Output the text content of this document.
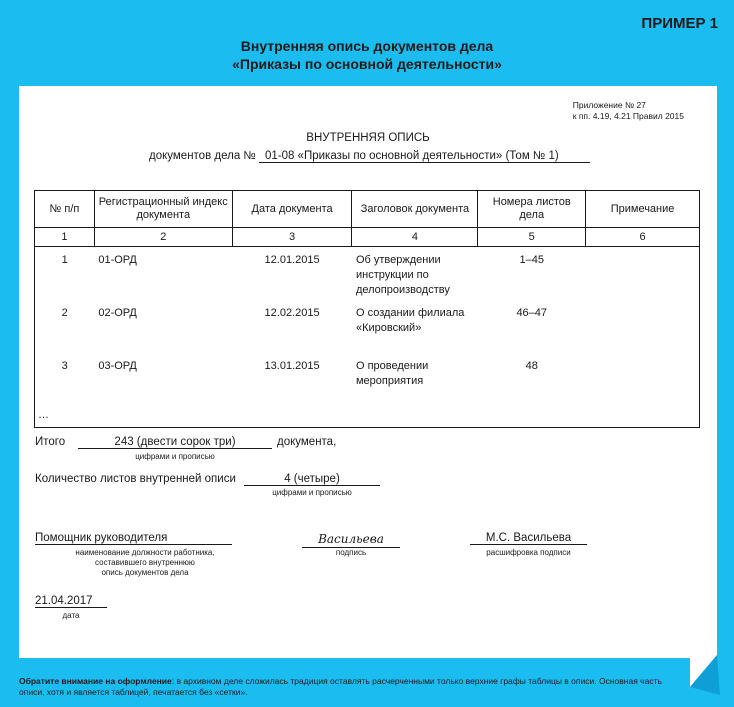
ПРИМЕР 1
Внутренняя опись документов дела
«Приказы по основной деятельности»
Приложение № 27
к пп. 4.19, 4.21 Правил 2015
ВНУТРЕННЯЯ ОПИСЬ
документов дела № 01-08 «Приказы по основной деятельности» (Том № 1)
№ п/п	Регистрационный индекс документа	Дата документа	Заголовок документа	Номера листов дела	Примечание
1	2	3	4	5	6
1	01-ОРД	12.01.2015	Об утверждении инструкции по делопроизводству	1–45	
2	02-ОРД	12.02.2015	О создании филиала «Кировский»	46–47	
3	03-ОРД	13.01.2015	О проведении мероприятия	48	
…					
Итого	243 (двести сорок три)
цифрами и прописью
документа,
Количество листов внутренней описи	4 (четыре)
цифрами и прописью
Помощник руководителя
наименование должности работника,
составившего внутреннюю
опись документов дела
Васильева
подпись
М.С. Васильева
расшифровка подписи
21.04.2017
дата
Обратите внимание на оформление: в архивном деле сложилась традиция оставлять расчерченными только верхние графы таблицы в описи. Основная часть описи, хотя и является таблицей, печатается без «сетки».
